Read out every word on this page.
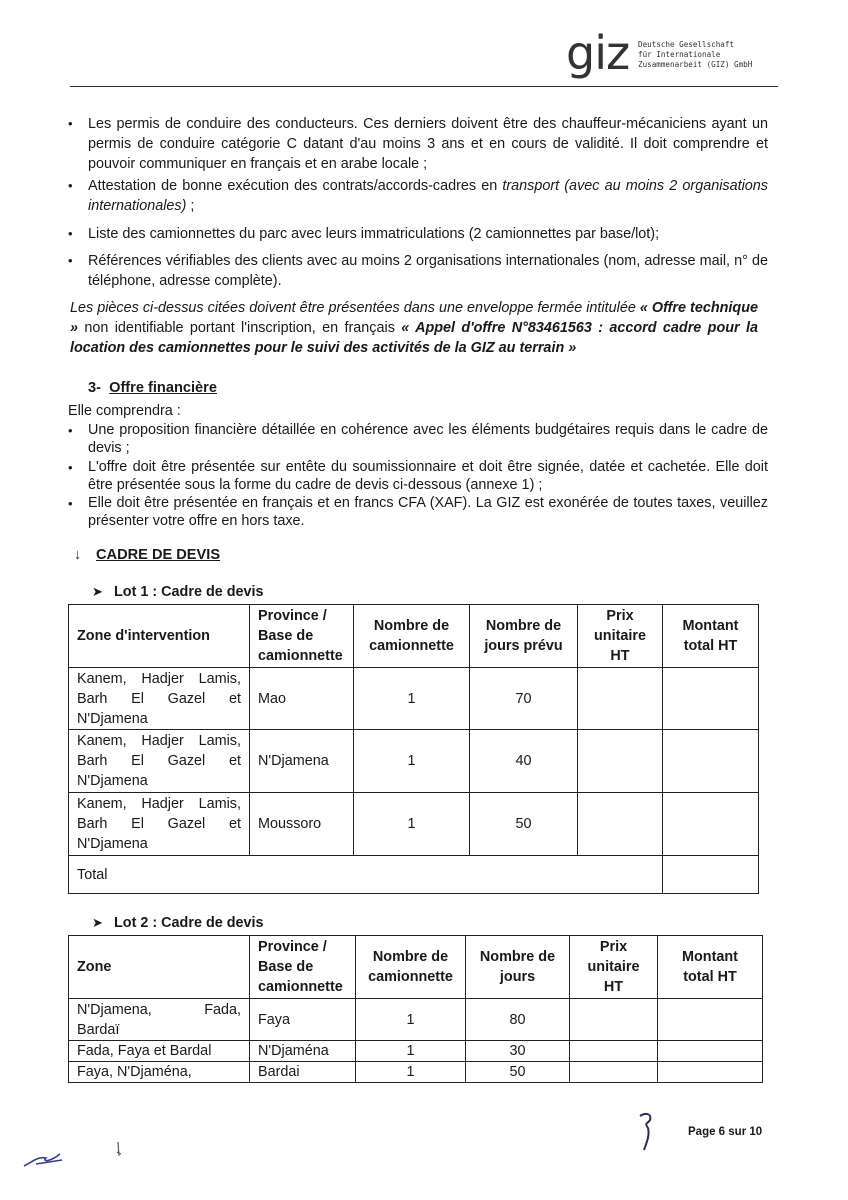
giz Deutsche Gesellschaft
für Internationale
Zusammenarbeit (GIZ) GmbH
• Les permis de conduire des conducteurs. Ces derniers doivent être des chauffeur-mécaniciens ayant un permis de conduire catégorie C datant d'au moins 3 ans et en cours de validité. Il doit comprendre et pouvoir communiquer en français et en arabe locale ;
• Attestation de bonne exécution des contrats/accords-cadres en transport (avec au moins 2 organisations internationales) ;
• Liste des camionnettes du parc avec leurs immatriculations (2 camionnettes par base/lot);
• Références vérifiables des clients avec au moins 2 organisations internationales (nom, adresse mail, n° de téléphone, adresse complète).
Les pièces ci-dessus citées doivent être présentées dans une enveloppe fermée intitulée « Offre technique » non identifiable portant l'inscription, en français « Appel d'offre N°83461563 : accord cadre pour la location des camionnettes pour le suivi des activités de la GIZ au terrain »
3- Offre financière
Elle comprendra :
• Une proposition financière détaillée en cohérence avec les éléments budgétaires requis dans le cadre de devis ;
• L'offre doit être présentée sur entête du soumissionnaire et doit être signée, datée et cachetée. Elle doit être présentée sous la forme du cadre de devis ci-dessous (annexe 1) ;
• Elle doit être présentée en français et en francs CFA (XAF). La GIZ est exonérée de toutes taxes, veuillez présenter votre offre en hors taxe.
↓ CADRE DE DEVIS
➤ Lot 1 : Cadre de devis
Zone d'intervention	Province / Base de camionnette	Nombre de camionnette	Nombre de jours prévu	Prix unitaire HT	Montant total HT

Kanem, Hadjer Lamis,
Barh El Gazel et
N'Djamena	Mao	1	70		

Kanem, Hadjer Lamis,
Barh El Gazel et
N'Djamena	N'Djamena	1	40		

Kanem, Hadjer Lamis,
Barh El Gazel et
N'Djamena	Moussoro	1	50		
Total					
➤ Lot 2 : Cadre de devis
Zone	Province / Base de camionnette	Nombre de camionnette	Nombre de jours	Prix unitaire HT	Montant total HT

N'Djamena, Fada,
Bardaï	Faya	1	80		
Fada, Faya et Bardal	N'Djaména	1	30		
Faya, N'Djaména,	Bardai	1	50		
Page 6 sur 10
